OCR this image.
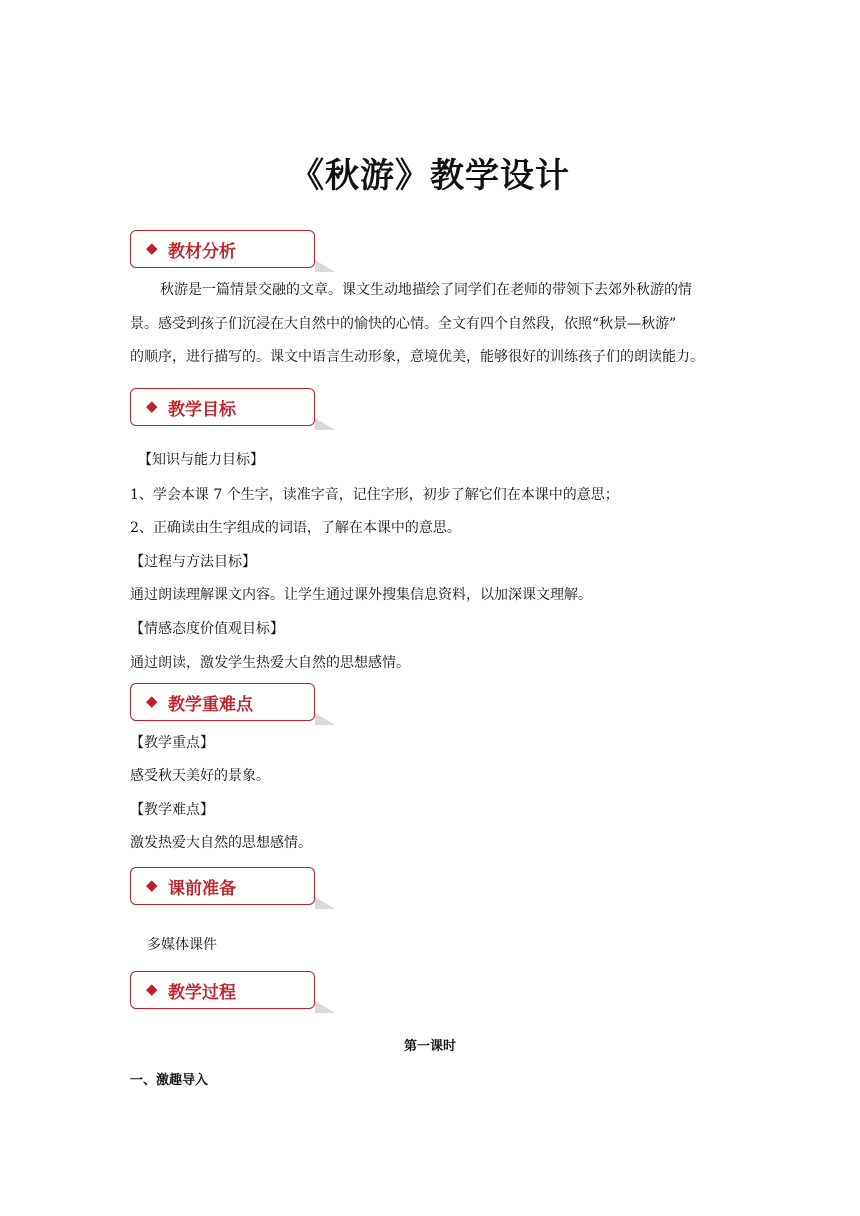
《秋游》教学设计
◆ 教材分析
秋游是一篇情景交融的文章。课文生动地描绘了同学们在老师的带领下去郊外秋游的情
景。感受到孩子们沉浸在大自然中的愉快的心情。全文有四个自然段，依照“秋景—秋游”
的顺序，进行描写的。课文中语言生动形象，意境优美，能够很好的训练孩子们的朗读能力。
◆ 教学目标
【知识与能力目标】
1、学会本课 7 个生字，读准字音，记住字形，初步了解它们在本课中的意思；
2、正确读由生字组成的词语，了解在本课中的意思。
【过程与方法目标】
通过朗读理解课文内容。让学生通过课外搜集信息资料，以加深课文理解。
【情感态度价值观目标】
通过朗读，激发学生热爱大自然的思想感情。
◆ 教学重难点
【教学重点】
感受秋天美好的景象。
【教学难点】
激发热爱大自然的思想感情。
◆ 课前准备
多媒体课件
◆ 教学过程
第一课时
一、激趣导入
